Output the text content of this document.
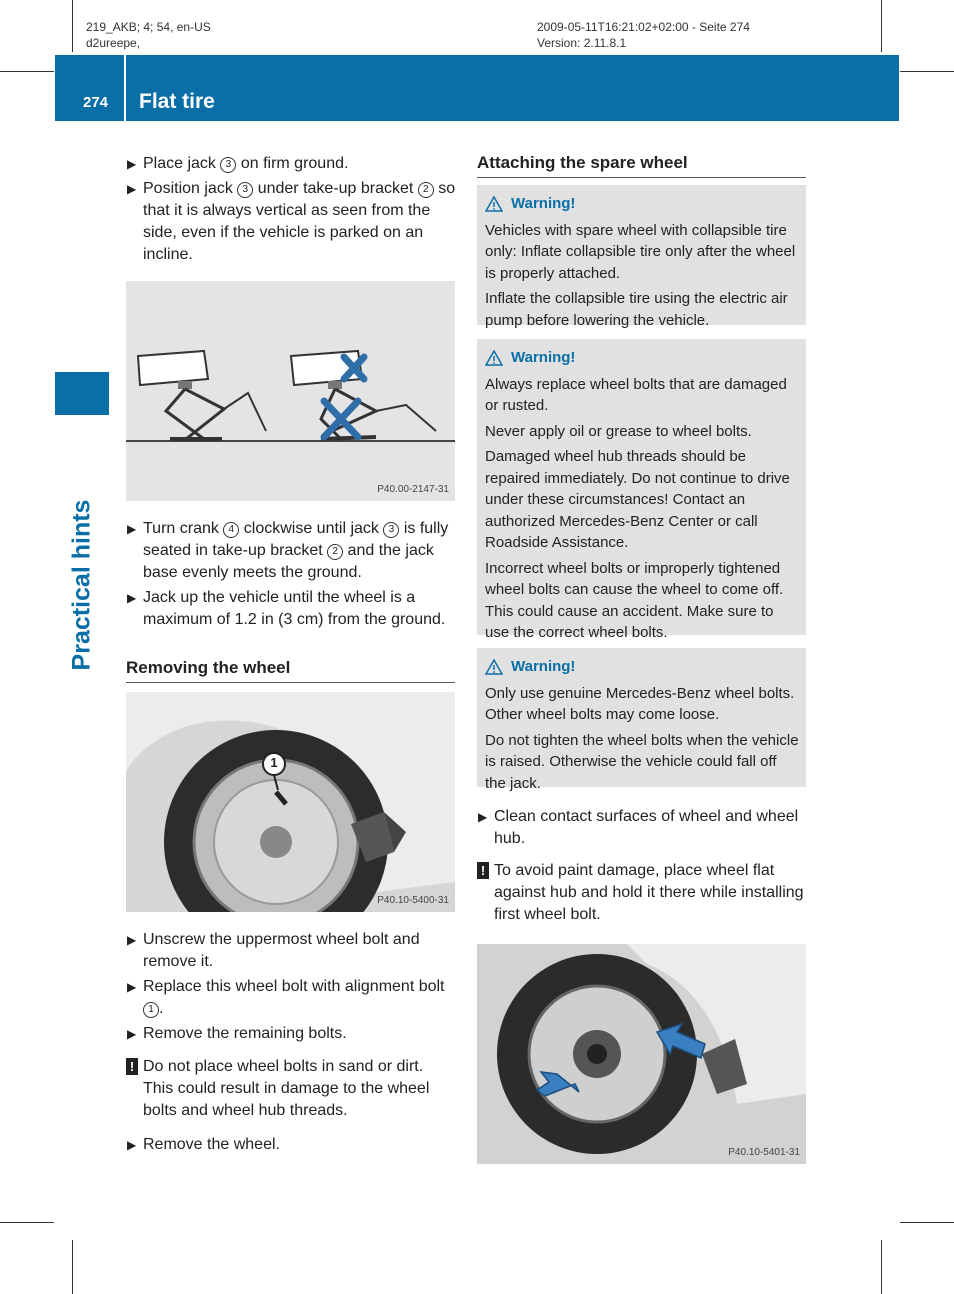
219_AKB; 4; 54, en-US
d2ureepe,
2009-05-11T16:21:02+02:00 - Seite 274
Version: 2.11.8.1
274 Flat tire
Practical hints
▶ Place jack 3 on firm ground.
▶ Position jack 3 under take-up bracket 2 so that it is always vertical as seen from the side, even if the vehicle is parked on an incline.
P40.00-2147-31
▶ Turn crank 4 clockwise until jack 3 is fully seated in take-up bracket 2 and the jack base evenly meets the ground.
▶ Jack up the vehicle until the wheel is a maximum of 1.2 in (3 cm) from the ground.
Removing the wheel
1
P40.10-5400-31
▶ Unscrew the uppermost wheel bolt and remove it.
▶ Replace this wheel bolt with alignment bolt 1 .
▶ Remove the remaining bolts.
! Do not place wheel bolts in sand or dirt. This could result in damage to the wheel bolts and wheel hub threads.
▶ Remove the wheel.
Attaching the spare wheel
Warning!

Vehicles with spare wheel with collapsible tire only: Inflate collapsible tire only after the wheel is properly attached.

Inflate the collapsible tire using the electric air pump before lowering the vehicle.

Warning!

Always replace wheel bolts that are damaged or rusted.

Never apply oil or grease to wheel bolts.

Damaged wheel hub threads should be repaired immediately. Do not continue to drive under these circumstances! Contact an authorized Mercedes-Benz Center or call Roadside Assistance.

Incorrect wheel bolts or improperly tightened wheel bolts can cause the wheel to come off. This could cause an accident. Make sure to use the correct wheel bolts.

Warning!

Only use genuine Mercedes-Benz wheel bolts. Other wheel bolts may come loose.

Do not tighten the wheel bolts when the vehicle is raised. Otherwise the vehicle could fall off the jack.

▶ Clean contact surfaces of wheel and wheel hub.
! To avoid paint damage, place wheel flat against hub and hold it there while installing first wheel bolt.
P40.10-5401-31
